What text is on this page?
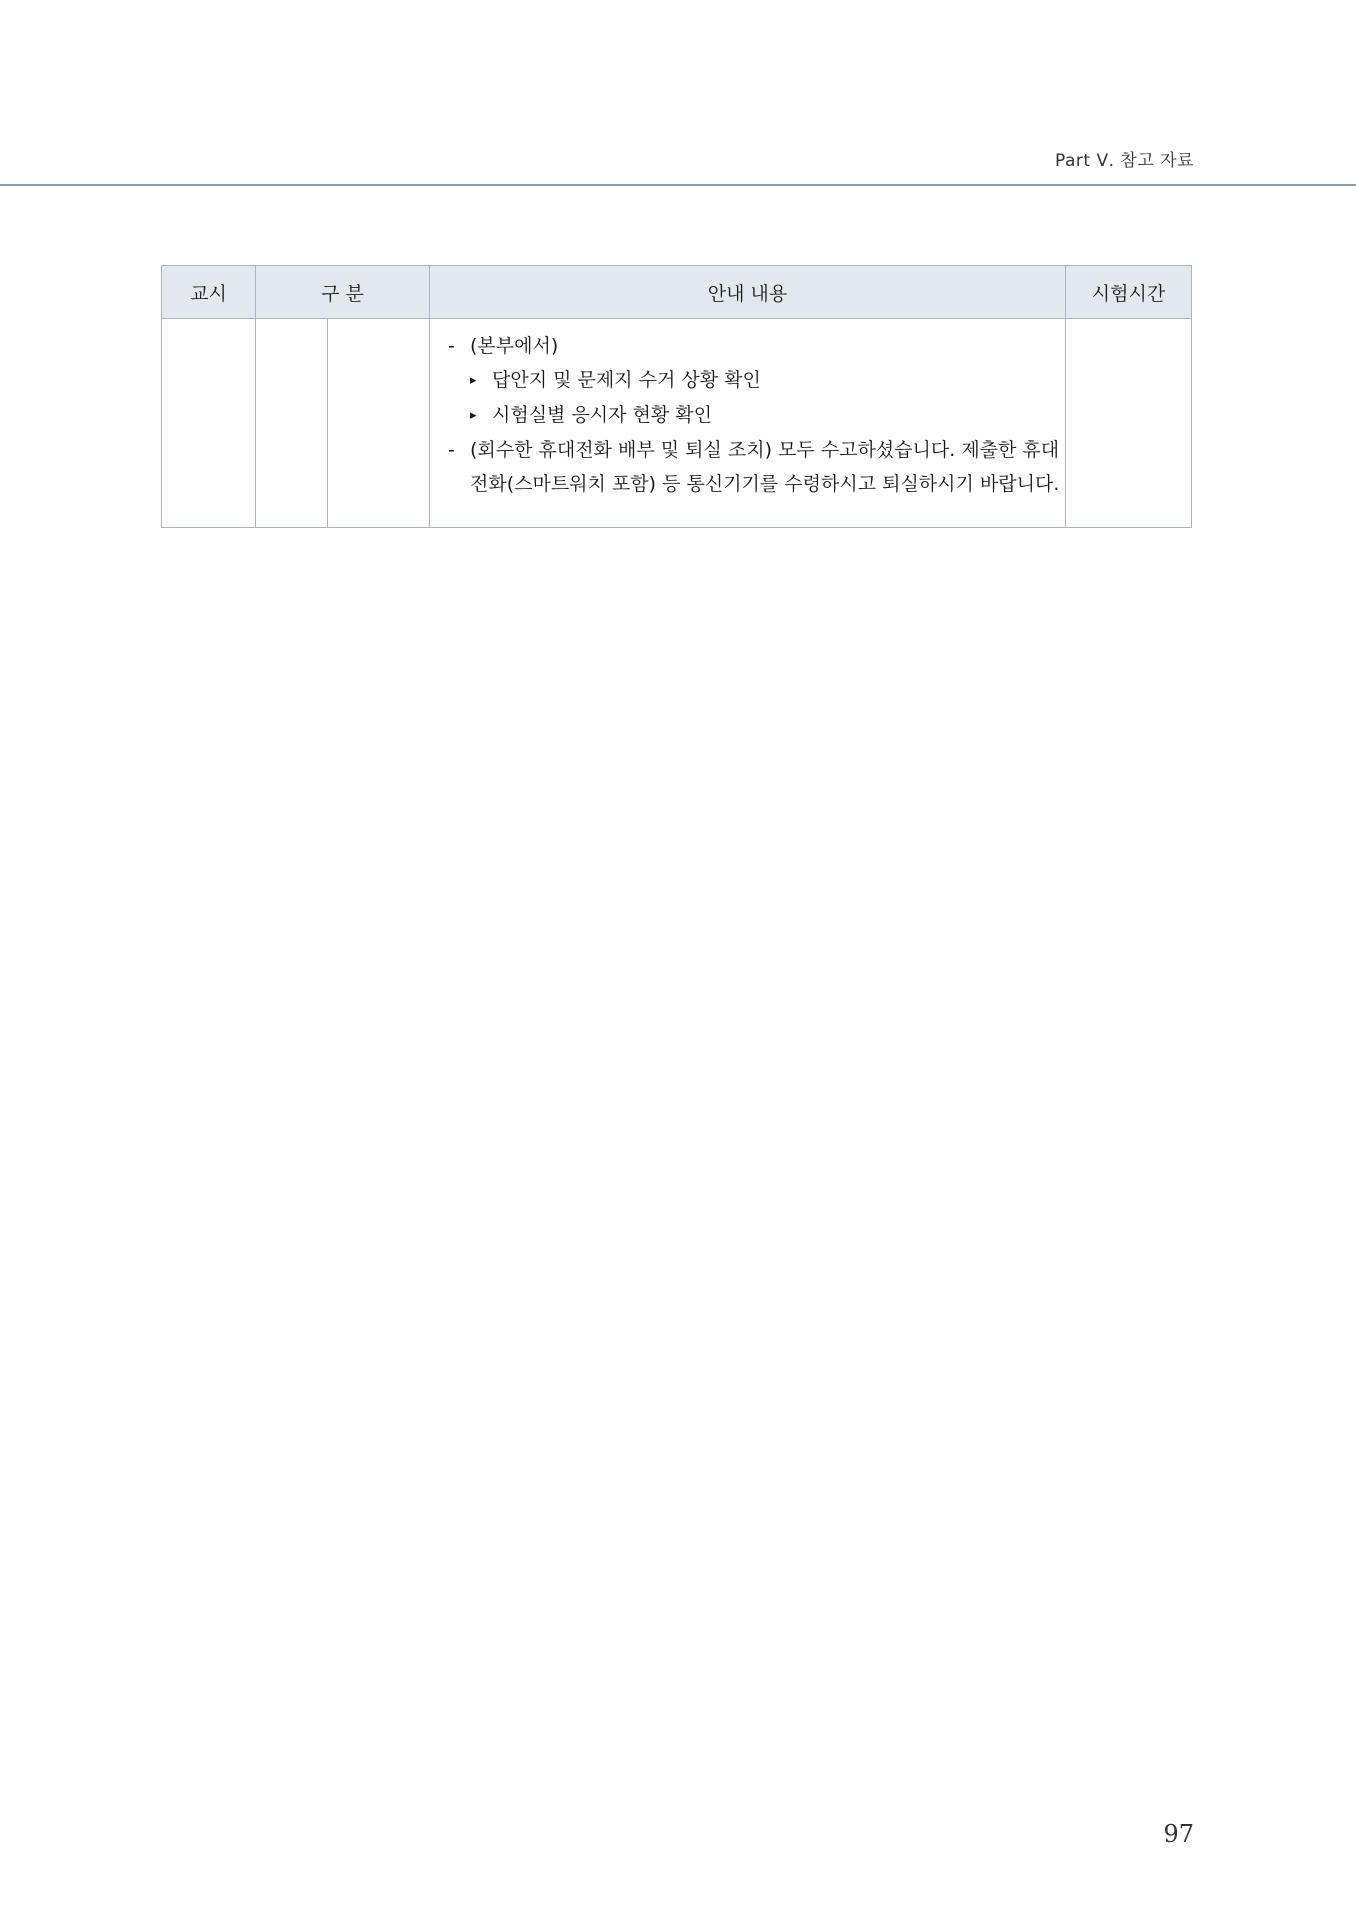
Part Ⅴ. 참고 자료
교시	구 분		안내 내용	시험시간

			- (본부에서)
▸ 답안지 및 문제지 수거 상황 확인
▸ 시험실별 응시자 현황 확인
- (회수한 휴대전화 배부 및 퇴실 조치) 모두 수고하셨습니다. 제출한 휴대
전화(스마트워치 포함) 등 통신기기를 수령하시고 퇴실하시기 바랍니다.	

97
